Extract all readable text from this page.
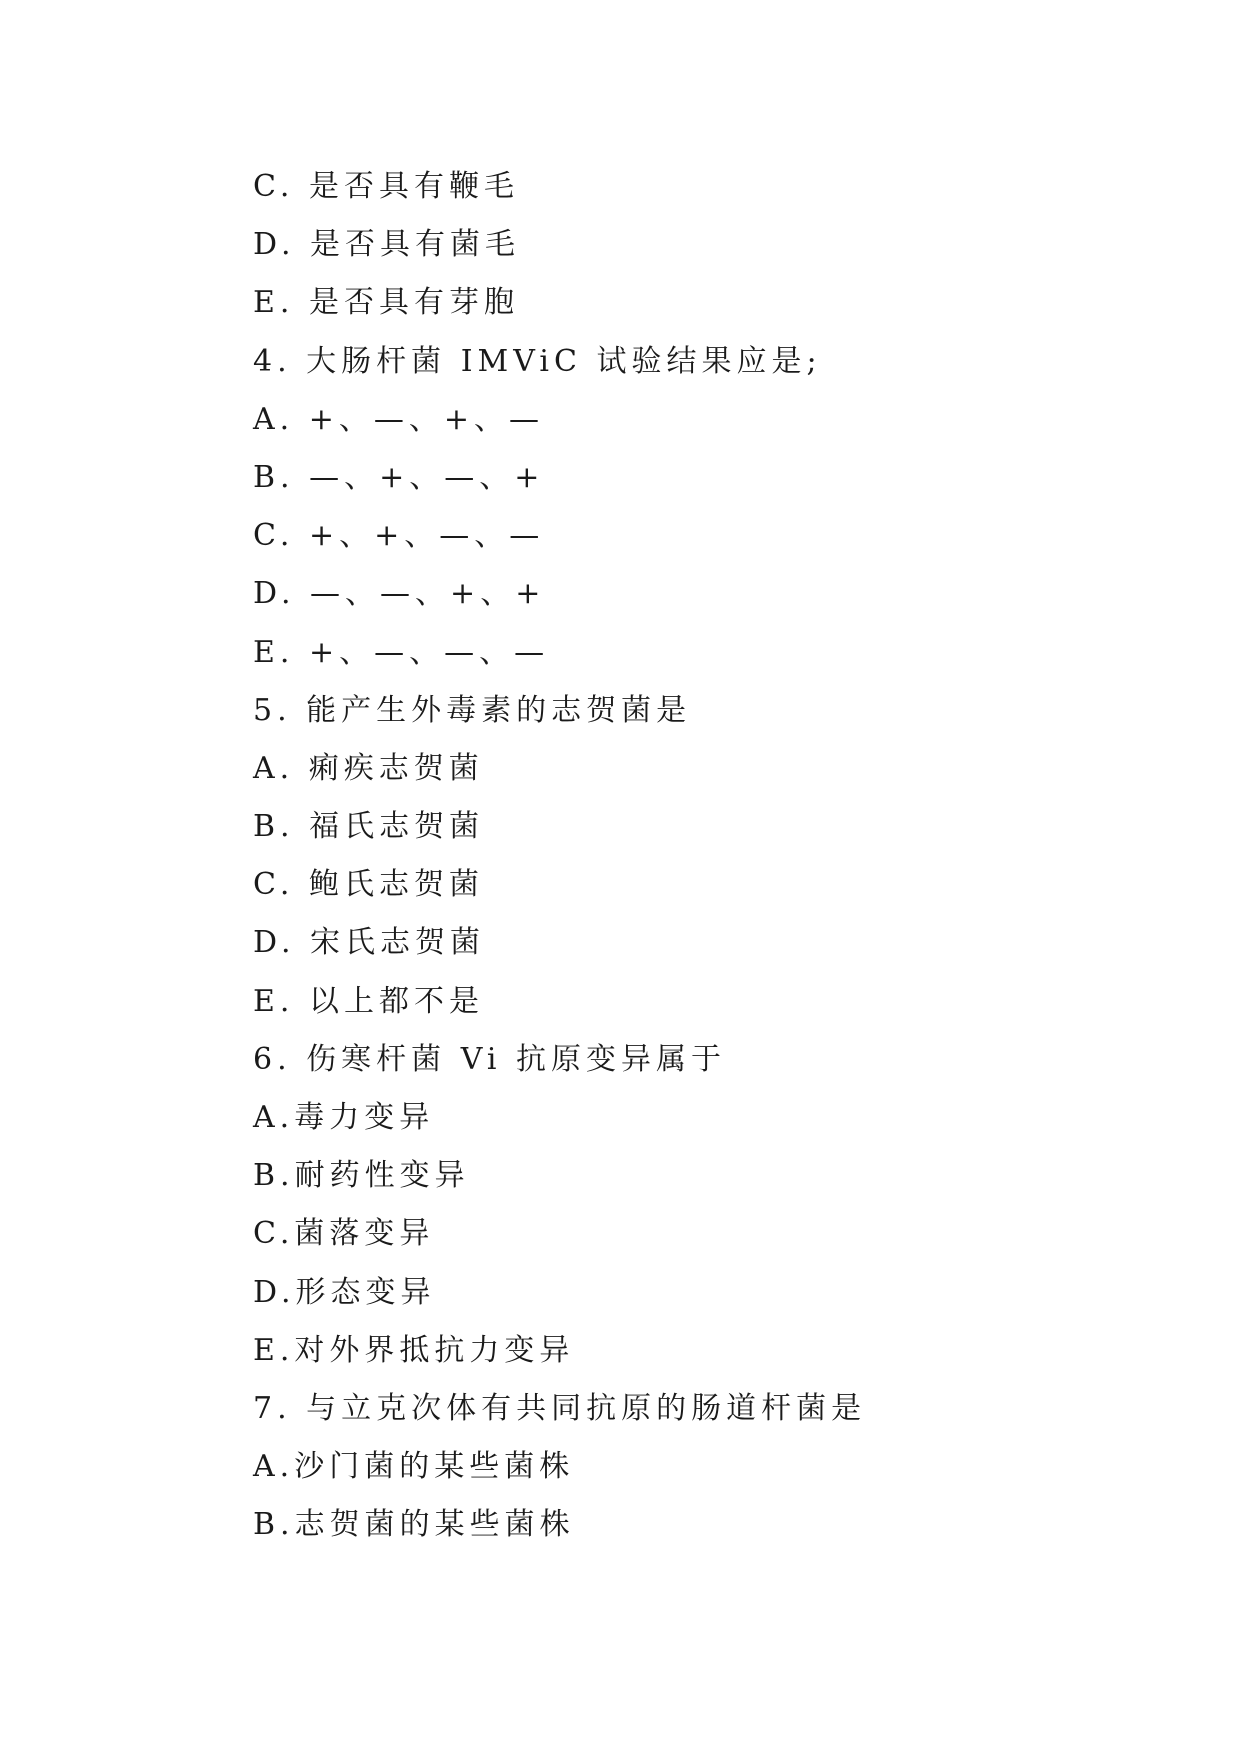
C. 是否具有鞭毛
D. 是否具有菌毛
E. 是否具有芽胞
4. 大肠杆菌 IMViC 试验结果应是;
A. +、—、+、—
B. —、+、—、+
C. +、+、—、—
D. —、—、+、+
E. +、—、—、—
5. 能产生外毒素的志贺菌是
A. 痢疾志贺菌
B. 福氏志贺菌
C. 鲍氏志贺菌
D. 宋氏志贺菌
E. 以上都不是
6. 伤寒杆菌 Vi 抗原变异属于
A.毒力变异
B.耐药性变异
C.菌落变异
D.形态变异
E.对外界抵抗力变异
7. 与立克次体有共同抗原的肠道杆菌是
A.沙门菌的某些菌株
B.志贺菌的某些菌株
